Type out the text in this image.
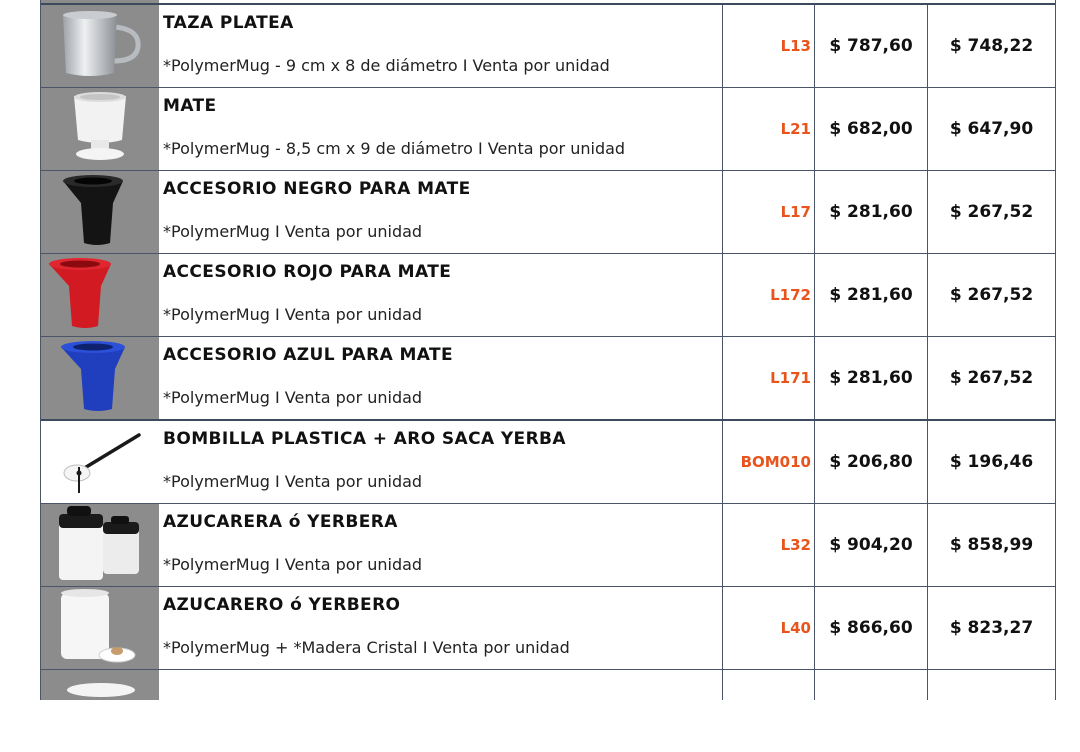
TAZA PLATEA
*PolymerMug - 9 cm x 8 de diámetro I Venta por unidad
L13	$ 787,60	$ 748,22
MATE
*PolymerMug - 8,5 cm x 9 de diámetro I Venta por unidad
L21	$ 682,00	$ 647,90
ACCESORIO NEGRO PARA MATE
*PolymerMug I Venta por unidad
L17	$ 281,60	$ 267,52
ACCESORIO ROJO PARA MATE
*PolymerMug I Venta por unidad
L172	$ 281,60	$ 267,52
ACCESORIO AZUL PARA MATE
*PolymerMug I Venta por unidad
L171	$ 281,60	$ 267,52
BOMBILLA PLASTICA + ARO SACA YERBA
*PolymerMug I Venta por unidad
BOM010	$ 206,80	$ 196,46
AZUCARERA ó YERBERA
*PolymerMug I Venta por unidad
L32	$ 904,20	$ 858,99
AZUCARERO ó YERBERO
*PolymerMug + *Madera Cristal I Venta por unidad
L40	$ 866,60	$ 823,27
